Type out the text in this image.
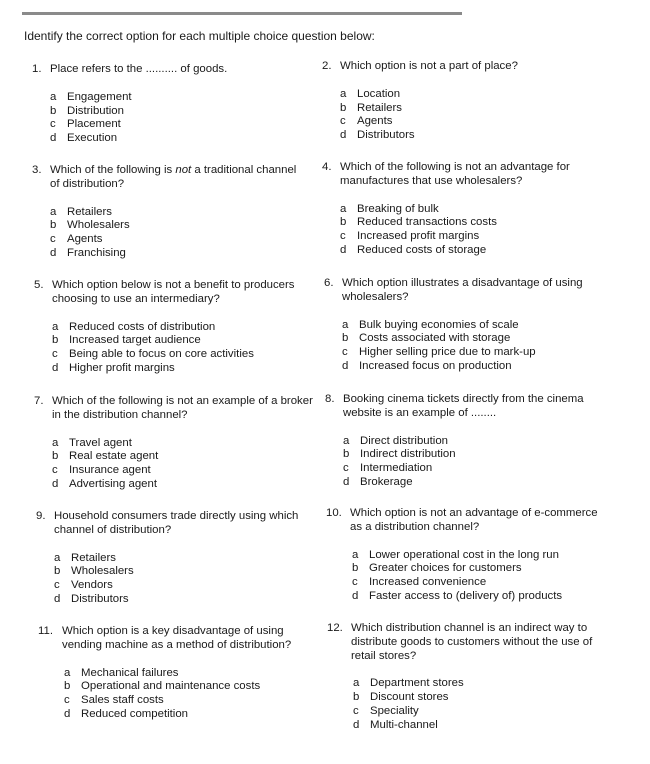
Identify the correct option for each multiple choice question below:

1. Place refers to the .......... of goods.
a Engagement
b Distribution
c Placement
d Execution
2. Which option is not a part of place?
a Location
b Retailers
c Agents
d Distributors
3. Which of the following is not a traditional channel of distribution?
a Retailers
b Wholesalers
c Agents
d Franchising
4. Which of the following is not an advantage for manufactures that use wholesalers?
a Breaking of bulk
b Reduced transactions costs
c Increased profit margins
d Reduced costs of storage
5. Which option below is not a benefit to producers choosing to use an intermediary?
a Reduced costs of distribution
b Increased target audience
c Being able to focus on core activities
d Higher profit margins
6. Which option illustrates a disadvantage of using wholesalers?
a Bulk buying economies of scale
b Costs associated with storage
c Higher selling price due to mark-up
d Increased focus on production
7. Which of the following is not an example of a broker in the distribution channel?
a Travel agent
b Real estate agent
c Insurance agent
d Advertising agent
8. Booking cinema tickets directly from the cinema website is an example of ........
a Direct distribution
b Indirect distribution
c Intermediation
d Brokerage
9. Household consumers trade directly using which channel of distribution?
a Retailers
b Wholesalers
c Vendors
d Distributors
10. Which option is not an advantage of e-commerce as a distribution channel?
a Lower operational cost in the long run
b Greater choices for customers
c Increased convenience
d Faster access to (delivery of) products
11. Which option is a key disadvantage of using vending machine as a method of distribution?
a Mechanical failures
b Operational and maintenance costs
c Sales staff costs
d Reduced competition
12. Which distribution channel is an indirect way to distribute goods to customers without the use of retail stores?
a Department stores
b Discount stores
c Speciality
d Multi-channel
